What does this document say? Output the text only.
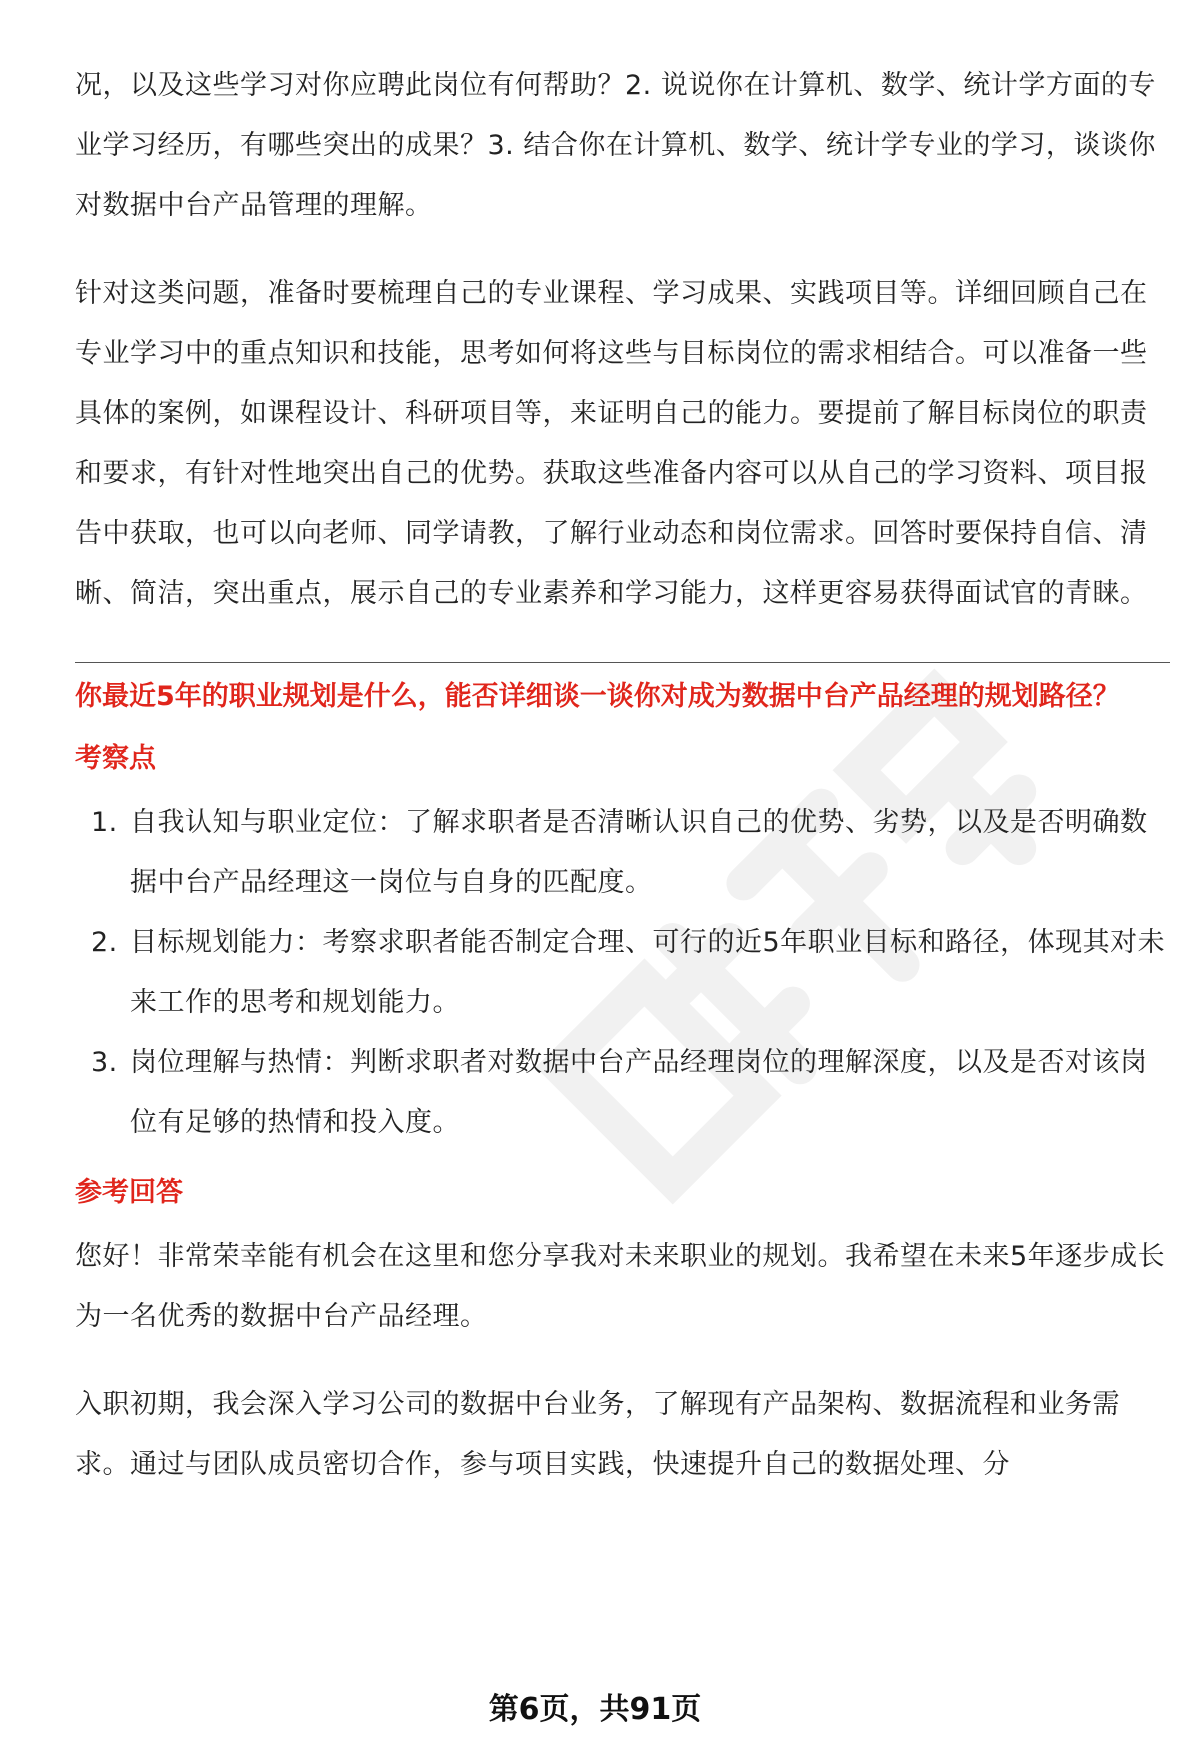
况，以及这些学习对你应聘此岗位有何帮助？2. 说说你在计算机、数学、统计学方面的专业学习经历，有哪些突出的成果？3. 结合你在计算机、数学、统计学专业的学习，谈谈你对数据中台产品管理的理解。

针对这类问题，准备时要梳理自己的专业课程、学习成果、实践项目等。详细回顾自己在专业学习中的重点知识和技能，思考如何将这些与目标岗位的需求相结合。可以准备一些具体的案例，如课程设计、科研项目等，来证明自己的能力。要提前了解目标岗位的职责和要求，有针对性地突出自己的优势。获取这些准备内容可以从自己的学习资料、项目报告中获取，也可以向老师、同学请教，了解行业动态和岗位需求。回答时要保持自信、清晰、简洁，突出重点，展示自己的专业素养和学习能力，这样更容易获得面试官的青睐。

你最近5年的职业规划是什么，能否详细谈一谈你对成为数据中台产品经理的规划路径？
考察点
1. 自我认知与职业定位：了解求职者是否清晰认识自己的优势、劣势，以及是否明确数据中台产品经理这一岗位与自身的匹配度。
2. 目标规划能力：考察求职者能否制定合理、可行的近5年职业目标和路径，体现其对未来工作的思考和规划能力。
3. 岗位理解与热情：判断求职者对数据中台产品经理岗位的理解深度，以及是否对该岗位有足够的热情和投入度。
参考回答

您好！非常荣幸能有机会在这里和您分享我对未来职业的规划。我希望在未来5年逐步成长为一名优秀的数据中台产品经理。

入职初期，我会深入学习公司的数据中台业务，了解现有产品架构、数据流程和业务需求。通过与团队成员密切合作，参与项目实践，快速提升自己的数据处理、分

第6页，共91页
